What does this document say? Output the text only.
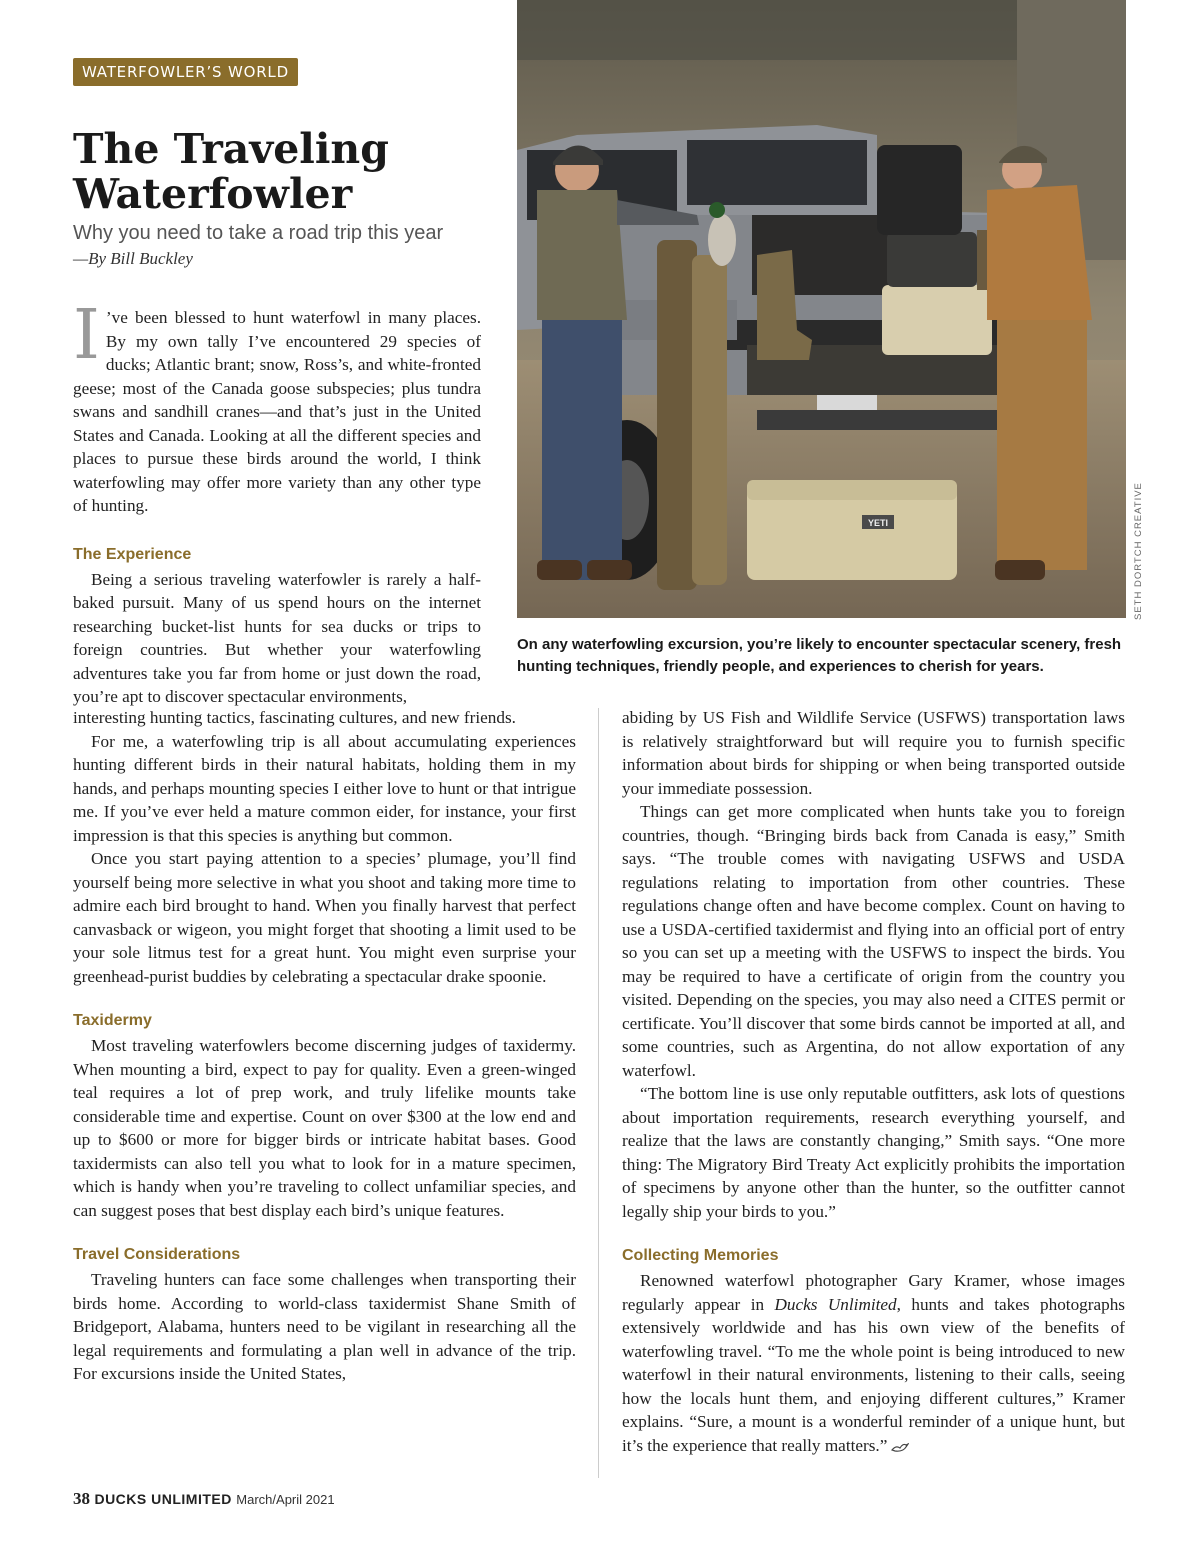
WATERFOWLER’S WORLD
The Traveling Waterfowler
Why you need to take a road trip this year
—By Bill Buckley

I ’ve been blessed to hunt waterfowl in many places. By my own tally I’ve encountered 29 species of ducks; Atlantic brant; snow, Ross’s, and white-fronted geese; most of the Canada goose subspecies; plus tundra swans and sandhill cranes—and that’s just in the United States and Canada. Looking at all the different species and places to pursue these birds around the world, I think waterfowling may offer more variety than any other type of hunting.

The Experience

Being a serious traveling waterfowler is rarely a half-baked pursuit. Many of us spend hours on the internet researching bucket-list hunts for sea ducks or trips to foreign countries. But whether your waterfowling adventures take you far from home or just down the road, you’re apt to discover spectacular environments,

interesting hunting tactics, fascinating cultures, and new friends.

For me, a waterfowling trip is all about accumulating experiences hunting different birds in their natural habitats, holding them in my hands, and perhaps mounting species I either love to hunt or that intrigue me. If you’ve ever held a mature common eider, for instance, your first impression is that this species is anything but common.

Once you start paying attention to a species’ plumage, you’ll find yourself being more selective in what you shoot and taking more time to admire each bird brought to hand. When you finally harvest that perfect canvasback or wigeon, you might forget that shooting a limit used to be your sole litmus test for a great hunt. You might even surprise your greenhead-purist buddies by celebrating a spectacular drake spoonie.

Taxidermy

Most traveling waterfowlers become discerning judges of taxidermy. When mounting a bird, expect to pay for quality. Even a green-winged teal requires a lot of prep work, and truly lifelike mounts take considerable time and expertise. Count on over $300 at the low end and up to $600 or more for bigger birds or intricate habitat bases. Good taxidermists can also tell you what to look for in a mature specimen, which is handy when you’re traveling to collect unfamiliar species, and can suggest poses that best display each bird’s unique features.

Travel Considerations

Traveling hunters can face some challenges when transporting their birds home. According to world-class taxidermist Shane Smith of Bridgeport, Alabama, hunters need to be vigilant in researching all the legal requirements and formulating a plan well in advance of the trip. For excursions inside the United States,

abiding by US Fish and Wildlife Service (USFWS) transportation laws is relatively straightforward but will require you to furnish specific information about birds for shipping or when being transported outside your immediate possession.

Things can get more complicated when hunts take you to foreign countries, though. “Bringing birds back from Canada is easy,” Smith says. “The trouble comes with navigating USFWS and USDA regulations relating to importation from other countries. These regulations change often and have become complex. Count on having to use a USDA-certified taxidermist and flying into an official port of entry so you can set up a meeting with the USFWS to inspect the birds. You may be required to have a certificate of origin from the country you visited. Depending on the species, you may also need a CITES permit or certificate. You’ll discover that some birds cannot be imported at all, and some countries, such as Argentina, do not allow exportation of any waterfowl.

“The bottom line is use only reputable outfitters, ask lots of questions about importation requirements, research everything yourself, and realize that the laws are constantly changing,” Smith says. “One more thing: The Migratory Bird Treaty Act explicitly prohibits the importation of specimens by anyone other than the hunter, so the outfitter cannot legally ship your birds to you.”

Collecting Memories

Renowned waterfowl photographer Gary Kramer, whose images regularly appear in Ducks Unlimited, hunts and takes photographs extensively worldwide and has his own view of the benefits of waterfowling travel. “To me the whole point is being introduced to new waterfowl in their natural environments, listening to their calls, seeing how the locals hunt them, and enjoying different cultures,” Kramer explains. “Sure, a mount is a wonderful reminder of a unique hunt, but it’s the experience that really matters.”

YETI	SETH DORTCH CREATIVE

On any waterfowling excursion, you’re likely to encounter spectacular scenery, fresh hunting techniques, friendly people, and experiences to cherish for years.

38 DUCKS UNLIMITED March/April 2021
